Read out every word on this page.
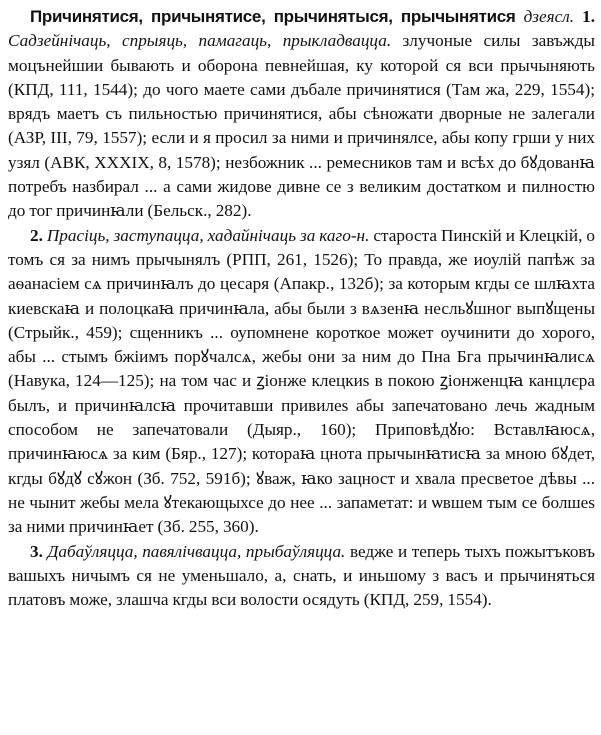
Причинятися, причынятисе, прычинятыся, прычынятися дзеясл. 1. Садзейнічаць, спрыяць, памагаць, прыкладвацца. злучоные силы завъжды моцънейшии бывають и оборона певнейшая, ку которой ся вси прычыняють (КПД, 111, 1544); до чого маете сами дъбале причинятися (Там жа, 229, 1554); врядъ маетъ съ пильностью причинятися, абы сѣножати дворные не залегали (АЗР, III, 79, 1557); если и я просил за ними и причинялсе, абы копу грши у них узял (АВК, XXXIX, 8, 1578); незбожник ... ремесников там и всѣх до бꙋдованꙗ потребъ назбирал ... а сами жидове дивне се з великим достатком и пилностю до тог причинꙗли (Бельск., 282).

2. Прасіць, заступацца, хадайнічаць за каго-н. староста Пинскій и Клецкій, о томъ ся за нимъ прычынялъ (РПП, 261, 1526); То правда, же иоулій папѣж за аѳанасіем сѧ причинꙗлъ до цесаря (Апакр., 132б); за которым кгды се шлꙗхта киевскаꙗ и полоцкаꙗ причинꙗла, абы были з вѧзенꙗ несльꙋшног выпꙋщены (Стрыйк., 459); сщенникъ ... оупомнене короткое может оучинити до хорого, абы ... стымъ бжіимъ порꙋчалсѧ, жебы они за ним до Пна Бга прычинꙗлисѧ (Навука, 124—125); на том час и ꙁіонже клецкиs в покою ꙁіонженцꙗ канцлєра былъ, и причинꙗлсꙗ прочитавши привилеs абы запечатовано лечь жадным способом не запечатовали (Дыяр., 160); Приповѣдꙋю: Вставлꙗюсѧ, причинꙗюсѧ за ким (Бяр., 127); котораꙗ цнота прычынꙗтисꙗ за мною бꙋдет, кгды бꙋдꙋ сꙋжон (Зб. 752, 591б); ꙋваж, ꙗко зацност и хвала пресветое дѣвы ... не чынит жебы мела ꙋтекающыхсе до нее ... запаметат: и ѡвшем тым се болшеs за ними причинꙗет (Зб. 255, 360).

3. Дабаўляцца, павялічвацца, прыбаўляцца. ведже и теперь тыхъ пожытъковъ вашыхъ ничымъ ся не уменьшало, а, снать, и иньшому з васъ и прычиняться платовъ може, злашча кгды вси волости осядуть (КПД, 259, 1554).
